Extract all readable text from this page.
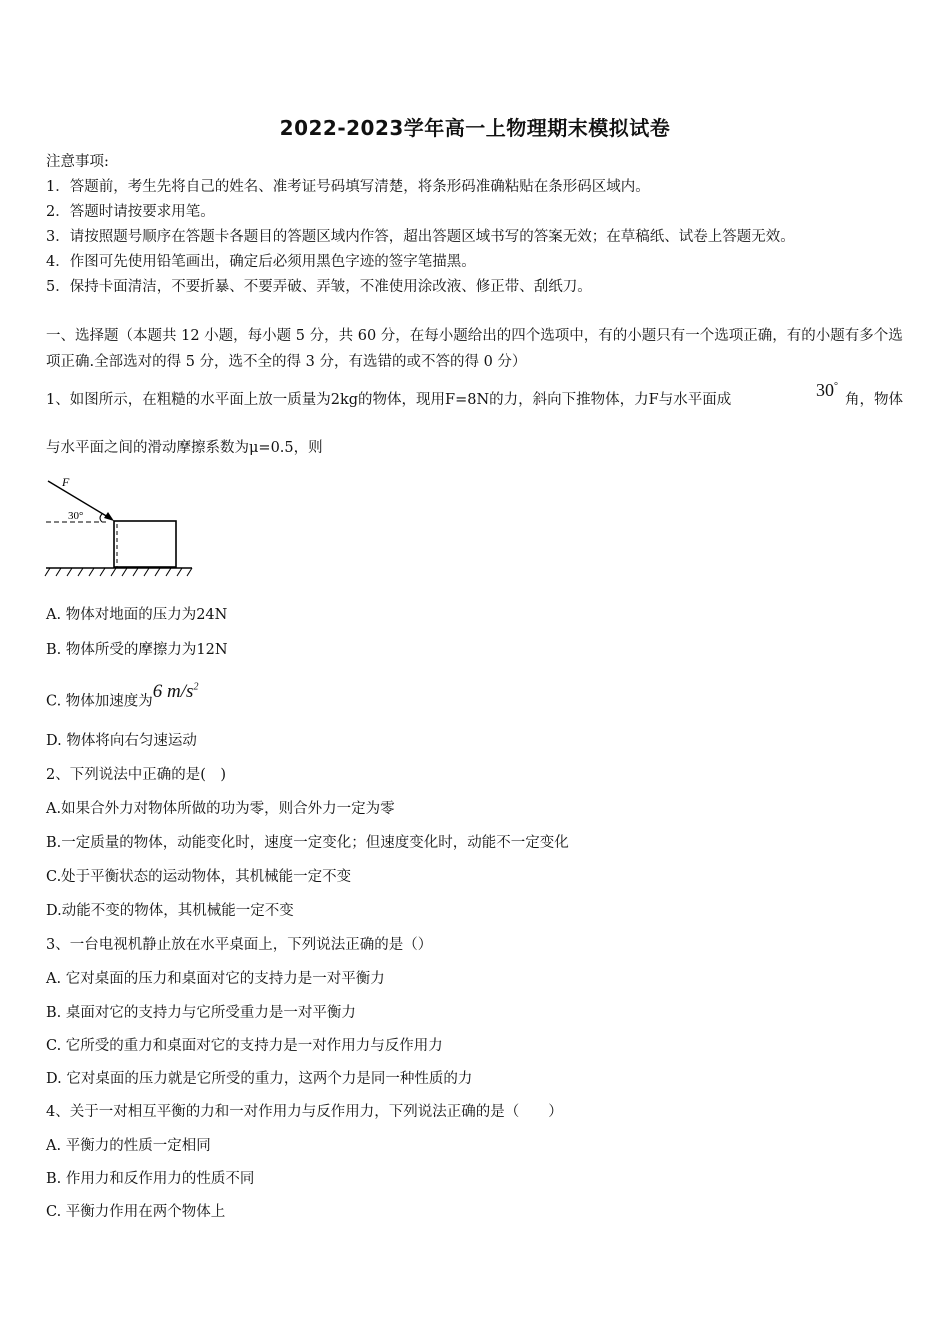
2022-2023学年高一上物理期末模拟试卷
注意事项:
1．答题前，考生先将自己的姓名、准考证号码填写清楚，将条形码准确粘贴在条形码区域内。
2．答题时请按要求用笔。
3．请按照题号顺序在答题卡各题目的答题区域内作答，超出答题区域书写的答案无效；在草稿纸、试卷上答题无效。
4．作图可先使用铅笔画出，确定后必须用黑色字迹的签字笔描黑。
5．保持卡面清洁，不要折暴、不要弄破、弄皱，不准使用涂改液、修正带、刮纸刀。
一、选择题（本题共 12 小题，每小题 5 分，共 60 分，在每小题给出的四个选项中，有的小题只有一个选项正确，有的小题有多个选项正确.全部选对的得 5 分，选不全的得 3 分，有选错的或不答的得 0 分）
1、如图所示，在粗糙的水平面上放一质量为2kg的物体，现用F=8N的力，斜向下推物体，力F与水平面成	30°
角，物体
与水平面之间的滑动摩擦系数为μ=0.5，则
F
30°
A. 物体对地面的压力为24N
B. 物体所受的摩擦力为12N
C. 物体加速度为6 $m/s^2$
D. 物体将向右匀速运动
2、下列说法中正确的是(　)
A.如果合外力对物体所做的功为零，则合外力一定为零
B.一定质量的物体，动能变化时，速度一定变化；但速度变化时，动能不一定变化
C.处于平衡状态的运动物体，其机械能一定不变
D.动能不变的物体，其机械能一定不变
3、一台电视机静止放在水平桌面上，下列说法正确的是（）
A. 它对桌面的压力和桌面对它的支持力是一对平衡力
B. 桌面对它的支持力与它所受重力是一对平衡力
C. 它所受的重力和桌面对它的支持力是一对作用力与反作用力
D. 它对桌面的压力就是它所受的重力，这两个力是同一种性质的力
4、关于一对相互平衡的力和一对作用力与反作用力，下列说法正确的是（　　）
A. 平衡力的性质一定相同
B. 作用力和反作用力的性质不同
C. 平衡力作用在两个物体上
